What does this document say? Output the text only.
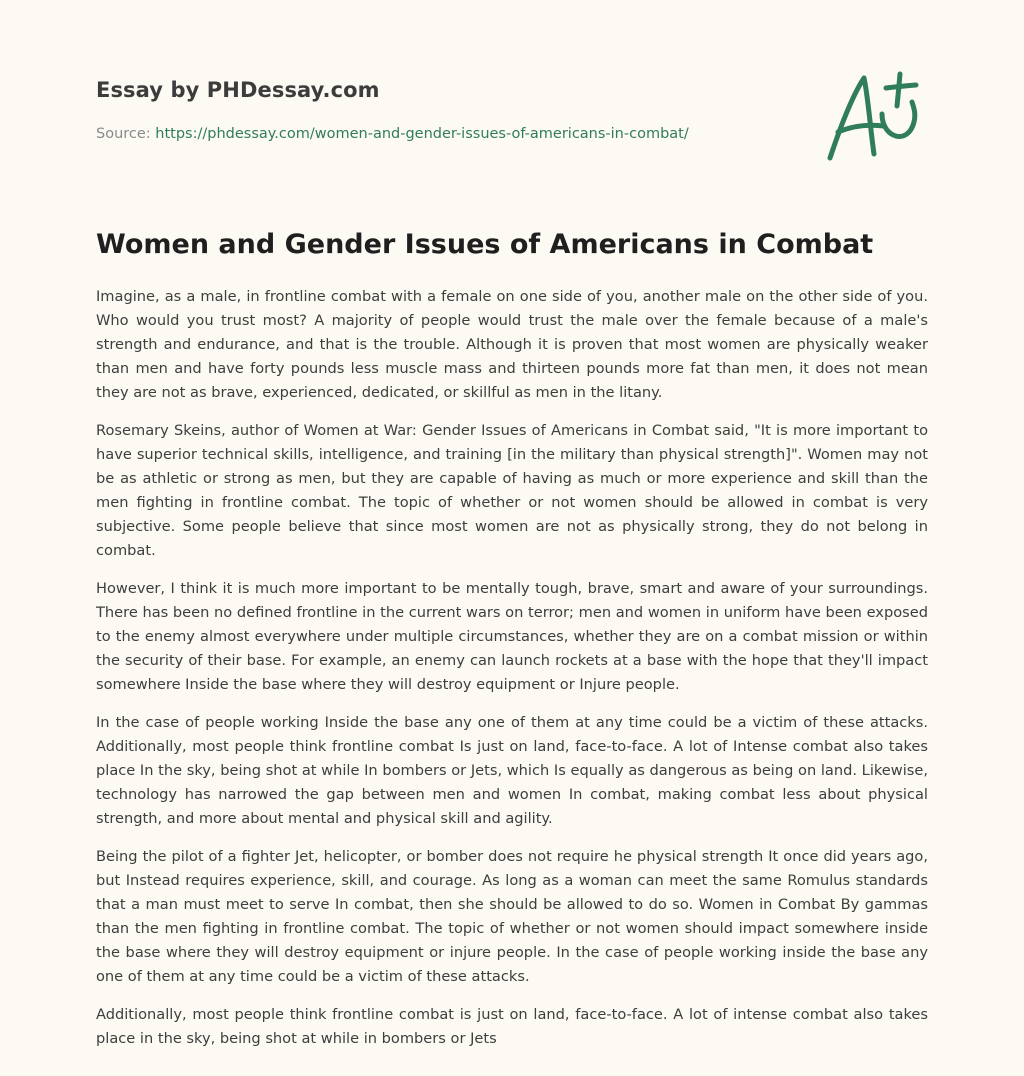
Essay by PHDessay.com
Source: https://phdessay.com/women-and-gender-issues-of-americans-in-combat/
Women and Gender Issues of Americans in Combat

Imagine, as a male, in frontline combat with a female on one side of you, another male on the other side of you. Who would you trust most? A majority of people would trust the male over the female because of a male's strength and endurance, and that is the trouble. Although it is proven that most women are physically weaker than men and have forty pounds less muscle mass and thirteen pounds more fat than men, it does not mean they are not as brave, experienced, dedicated, or skillful as men in the litany.

Rosemary Skeins, author of Women at War: Gender Issues of Americans in Combat said, "It is more important to have superior technical skills, intelligence, and training [in the military than physical strength]". Women may not be as athletic or strong as men, but they are capable of having as much or more experience and skill than the men fighting in frontline combat. The topic of whether or not women should be allowed in combat is very subjective. Some people believe that since most women are not as physically strong, they do not belong in combat.

However, I think it is much more important to be mentally tough, brave, smart and aware of your surroundings. There has been no defined frontline in the current wars on terror; men and women in uniform have been exposed to the enemy almost everywhere under multiple circumstances, whether they are on a combat mission or within the security of their base. For example, an enemy can launch rockets at a base with the hope that they'll impact somewhere Inside the base where they will destroy equipment or Injure people.

In the case of people working Inside the base any one of them at any time could be a victim of these attacks. Additionally, most people think frontline combat Is just on land, face-to-face. A lot of Intense combat also takes place In the sky, being shot at while In bombers or Jets, which Is equally as dangerous as being on land. Likewise, technology has narrowed the gap between men and women In combat, making combat less about physical strength, and more about mental and physical skill and agility.

Being the pilot of a fighter Jet, helicopter, or bomber does not require he physical strength It once did years ago, but Instead requires experience, skill, and courage. As long as a woman can meet the same Romulus standards that a man must meet to serve In combat, then she should be allowed to do so. Women in Combat By gammas than the men fighting in frontline combat. The topic of whether or not women should impact somewhere inside the base where they will destroy equipment or injure people. In the case of people working inside the base any one of them at any time could be a victim of these attacks.

Additionally, most people think frontline combat is just on land, face-to-face. A lot of intense combat also takes place in the sky, being shot at while in bombers or Jets
